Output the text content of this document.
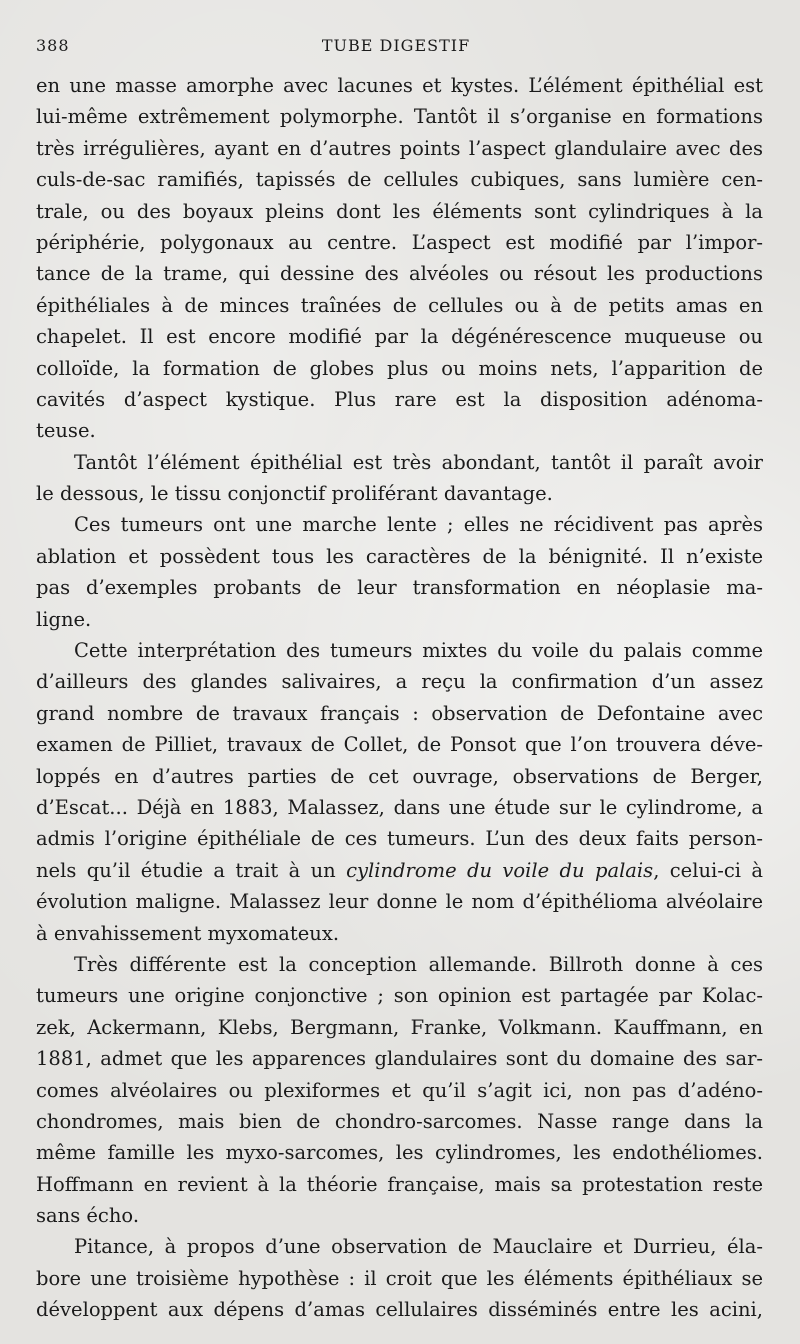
388	TUBE DIGESTIF
en une masse amorphe avec lacunes et kystes. L’élément épithélial est
lui-même extrêmement polymorphe. Tantôt il s’organise en formations
très irrégulières, ayant en d’autres points l’aspect glandulaire avec des
culs-de-sac ramifiés, tapissés de cellules cubiques, sans lumière cen-
trale, ou des boyaux pleins dont les éléments sont cylindriques à la
périphérie, polygonaux au centre. L’aspect est modifié par l’impor-
tance de la trame, qui dessine des alvéoles ou résout les productions
épithéliales à de minces traînées de cellules ou à de petits amas en
chapelet. Il est encore modifié par la dégénérescence muqueuse ou
colloïde, la formation de globes plus ou moins nets, l’apparition de
cavités d’aspect kystique. Plus rare est la disposition adénoma-
teuse.
Tantôt l’élément épithélial est très abondant, tantôt il paraît avoir
le dessous, le tissu conjonctif proliférant davantage.
Ces tumeurs ont une marche lente ; elles ne récidivent pas après
ablation et possèdent tous les caractères de la bénignité. Il n’existe
pas d’exemples probants de leur transformation en néoplasie ma-
ligne.
Cette interprétation des tumeurs mixtes du voile du palais comme
d’ailleurs des glandes salivaires, a reçu la confirmation d’un assez
grand nombre de travaux français : observation de Defontaine avec
examen de Pilliet, travaux de Collet, de Ponsot que l’on trouvera déve-
loppés en d’autres parties de cet ouvrage, observations de Berger,
d’Escat... Déjà en 1883, Malassez, dans une étude sur le cylindrome, a
admis l’origine épithéliale de ces tumeurs. L’un des deux faits person-
nels qu’il étudie a trait à un cylindrome du voile du palais, celui-ci à
évolution maligne. Malassez leur donne le nom d’épithélioma alvéolaire
à envahissement myxomateux.
Très différente est la conception allemande. Billroth donne à ces
tumeurs une origine conjonctive ; son opinion est partagée par Kolac-
zek, Ackermann, Klebs, Bergmann, Franke, Volkmann. Kauffmann, en
1881, admet que les apparences glandulaires sont du domaine des sar-
comes alvéolaires ou plexiformes et qu’il s’agit ici, non pas d’adéno-
chondromes, mais bien de chondro-sarcomes. Nasse range dans la
même famille les myxo-sarcomes, les cylindromes, les endothéliomes.
Hoffmann en revient à la théorie française, mais sa protestation reste
sans écho.
Pitance, à propos d’une observation de Mauclaire et Durrieu, éla-
bore une troisième hypothèse : il croit que les éléments épithéliaux se
développent aux dépens d’amas cellulaires disséminés entre les acini,
